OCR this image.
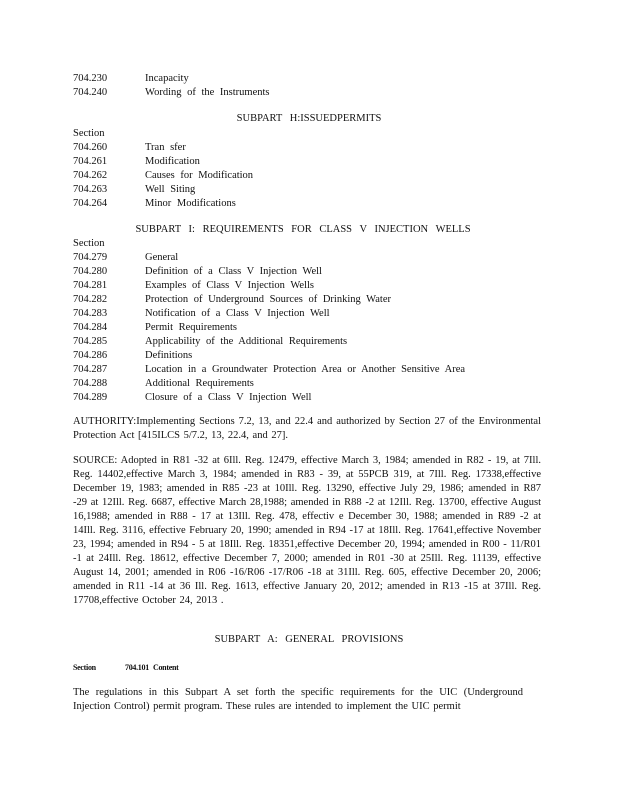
704.230	Incapacity
704.240	Wording of the Instruments
SUBPART H:ISSUEDPERMITS
Section
704.260	Tran sfer
704.261	Modification
704.262	Causes for Modification
704.263	Well Siting
704.264	Minor Modifications
SUBPART I: REQUIREMENTS FOR CLASS V INJECTION WELLS
Section
704.279	General
704.280	Definition of a Class V Injection Well
704.281	Examples of Class V Injection Wells
704.282	Protection of Underground Sources of Drinking Water
704.283	Notification of a Class V Injection Well
704.284	Permit Requirements
704.285	Applicability of the Additional Requirements
704.286	Definitions
704.287	Location in a Groundwater Protection Area or Another Sensitive Area
704.288	Additional Requirements
704.289	Closure of a Class V Injection Well
AUTHORITY:Implementing Sections 7.2, 13, and 22.4 and authorized by Section 27 of the Environmental Protection Act [415ILCS 5/7.2, 13, 22.4, and 27].
SOURCE: Adopted in R81 -32 at 6Ill. Reg. 12479, effective March 3, 1984; amended in R82 - 19, at 7Ill. Reg. 14402,effective March 3, 1984; amended in R83 - 39, at 55PCB 319, at 7Ill. Reg. 17338,effective December 19, 1983; amended in R85 -23 at 10Ill. Reg. 13290, effective July 29, 1986; amended in R87 -29 at 12Ill. Reg. 6687, effective March 28,1988; amended in R88 -2 at 12Ill. Reg. 13700, effective August 16,1988; amended in R88 - 17 at 13Ill. Reg. 478, effectiv e December 30, 1988; amended in R89 -2 at 14Ill. Reg. 3116, effective February 20, 1990; amended in R94 -17 at 18Ill. Reg. 17641,effective November 23, 1994; amended in R94 - 5 at 18Ill. Reg. 18351,effective December 20, 1994; amended in R00 - 11/R01 -1 at 24Ill. Reg. 18612, effective December 7, 2000; amended in R01 -30 at 25Ill. Reg. 11139, effective August 14, 2001; amended in R06 -16/R06 -17/R06 -18 at 31Ill. Reg. 605, effective December 20, 2006; amended in R11 -14 at 36 Ill. Reg. 1613, effective January 20, 2012; amended in R13 -15 at 37Ill. Reg. 17708,effective October 24, 2013 .
SUBPART A: GENERAL PROVISIONS
Section	704.101 Content
The regulations in this Subpart A set forth the specific requirements for the UIC (Underground Injection Control) permit program. These rules are intended to implement the UIC permit
